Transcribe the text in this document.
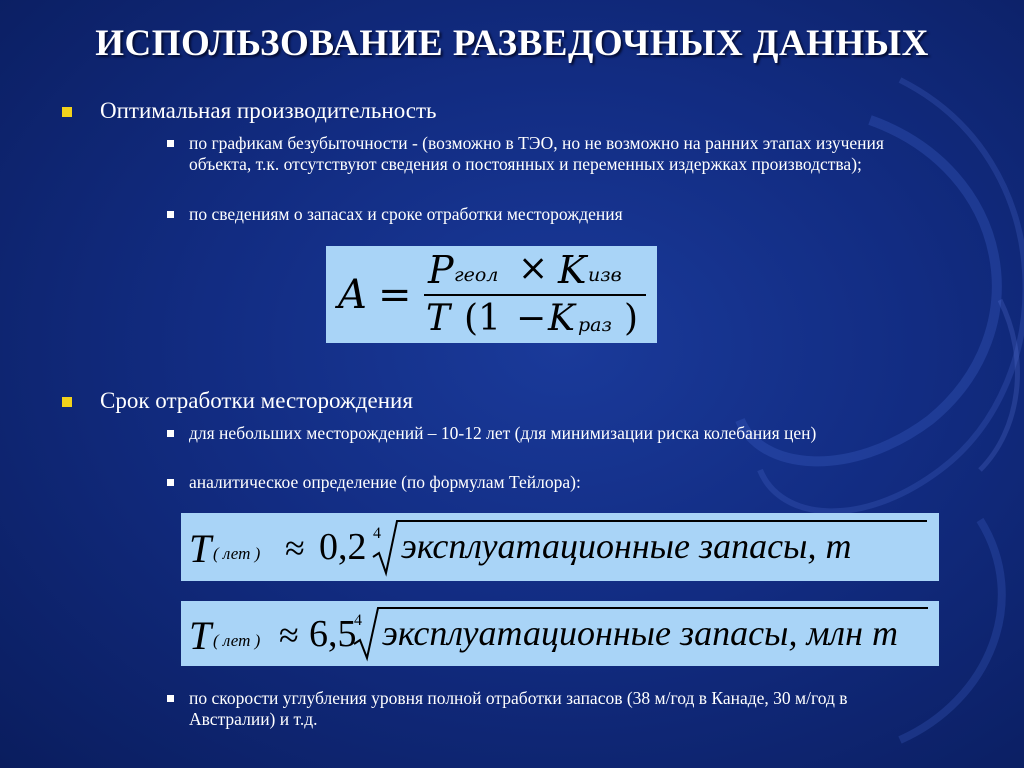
ИСПОЛЬЗОВАНИЕ РАЗВЕДОЧНЫХ ДАННЫХ
Оптимальная производительность
по графикам безубыточности - (возможно в ТЭО, но не возможно на ранних этапах изучения объекта, т.к. отсутствуют сведения о постоянных и переменных издержках производства);
по сведениям о запасах и сроке отработки месторождения
A =
P геол × K изв
T (1 − K раз )
Срок отработки месторождения
для небольших месторождений – 10-12 лет (для минимизации риска колебания цен)
аналитическое определение (по формулам Тейлора):
T ( лет ) ≈ 0,2 4 эксплуатационные запасы, т
T ( лет ) ≈ 6,5
4 эксплуатационные запасы, млн т
по скорости углубления уровня полной отработки запасов (38 м/год в Канаде, 30 м/год в Австралии) и т.д.
